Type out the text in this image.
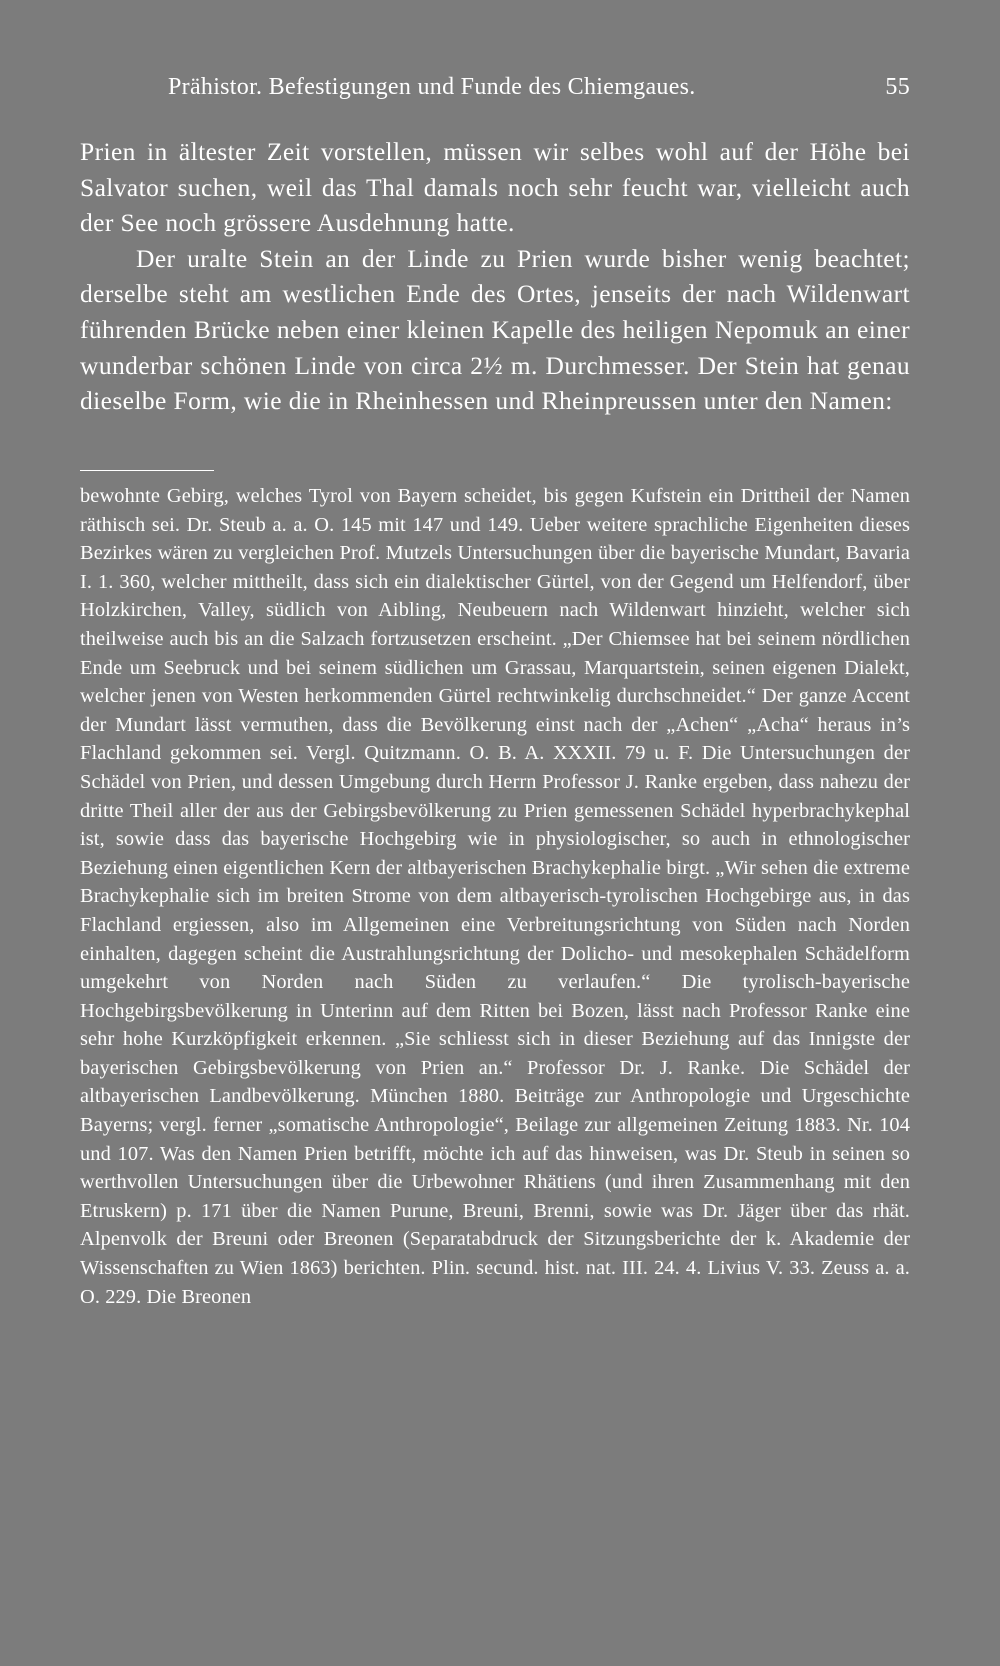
Prähistor. Befestigungen und Funde des Chiemgaues.	55

Prien in ältester Zeit vorstellen, müssen wir selbes wohl auf der Höhe bei Salvator suchen, weil das Thal damals noch sehr feucht war, vielleicht auch der See noch grössere Ausdehnung hatte.

Der uralte Stein an der Linde zu Prien wurde bisher wenig beachtet; derselbe steht am westlichen Ende des Ortes, jenseits der nach Wildenwart führenden Brücke neben einer kleinen Kapelle des heiligen Nepomuk an einer wunderbar schönen Linde von circa 2½ m. Durchmesser. Der Stein hat genau dieselbe Form, wie die in Rheinhessen und Rheinpreussen unter den Namen:

bewohnte Gebirg, welches Tyrol von Bayern scheidet, bis gegen Kufstein ein Drittheil der Namen räthisch sei. Dr. Steub a. a. O. 145 mit 147 und 149. Ueber weitere sprachliche Eigenheiten dieses Bezirkes wären zu vergleichen Prof. Mutzels Untersuchungen über die bayerische Mundart, Bavaria I. 1. 360, welcher mittheilt, dass sich ein dialektischer Gürtel, von der Gegend um Helfendorf, über Holzkirchen, Valley, südlich von Aibling, Neubeuern nach Wildenwart hinzieht, welcher sich theilweise auch bis an die Salzach fortzusetzen erscheint. „Der Chiemsee hat bei seinem nördlichen Ende um Seebruck und bei seinem südlichen um Grassau, Marquartstein, seinen eigenen Dialekt, welcher jenen von Westen herkommenden Gürtel rechtwinkelig durchschneidet.“ Der ganze Accent der Mundart lässt vermuthen, dass die Bevölkerung einst nach der „Achen“ „Acha“ heraus in’s Flachland gekommen sei. Vergl. Quitzmann. O. B. A. XXXII. 79 u. F. Die Untersuchungen der Schädel von Prien, und dessen Umgebung durch Herrn Professor J. Ranke ergeben, dass nahezu der dritte Theil aller der aus der Gebirgsbevölkerung zu Prien gemessenen Schädel hyperbrachykephal ist, sowie dass das bayerische Hochgebirg wie in physiologischer, so auch in ethnologischer Beziehung einen eigentlichen Kern der altbayerischen Brachykephalie birgt. „Wir sehen die extreme Brachykephalie sich im breiten Strome von dem altbayerisch-tyrolischen Hochgebirge aus, in das Flachland ergiessen, also im Allgemeinen eine Verbreitungsrichtung von Süden nach Norden einhalten, dagegen scheint die Austrahlungsrichtung der Dolicho- und mesokephalen Schädelform umgekehrt von Norden nach Süden zu verlaufen.“ Die tyrolisch-bayerische Hochgebirgsbevölkerung in Unterinn auf dem Ritten bei Bozen, lässt nach Professor Ranke eine sehr hohe Kurzköpfigkeit erkennen. „Sie schliesst sich in dieser Beziehung auf das Innigste der bayerischen Gebirgsbevölkerung von Prien an.“ Professor Dr. J. Ranke. Die Schädel der altbayerischen Landbevölkerung. München 1880. Beiträge zur Anthropologie und Urgeschichte Bayerns; vergl. ferner „somatische Anthropologie“, Beilage zur allgemeinen Zeitung 1883. Nr. 104 und 107. Was den Namen Prien betrifft, möchte ich auf das hinweisen, was Dr. Steub in seinen so werthvollen Untersuchungen über die Urbewohner Rhätiens (und ihren Zusammenhang mit den Etruskern) p. 171 über die Namen Purune, Breuni, Brenni, sowie was Dr. Jäger über das rhät. Alpenvolk der Breuni oder Breonen (Separatabdruck der Sitzungsberichte der k. Akademie der Wissenschaften zu Wien 1863) berichten. Plin. secund. hist. nat. III. 24. 4. Livius V. 33. Zeuss a. a. O. 229. Die Breonen
